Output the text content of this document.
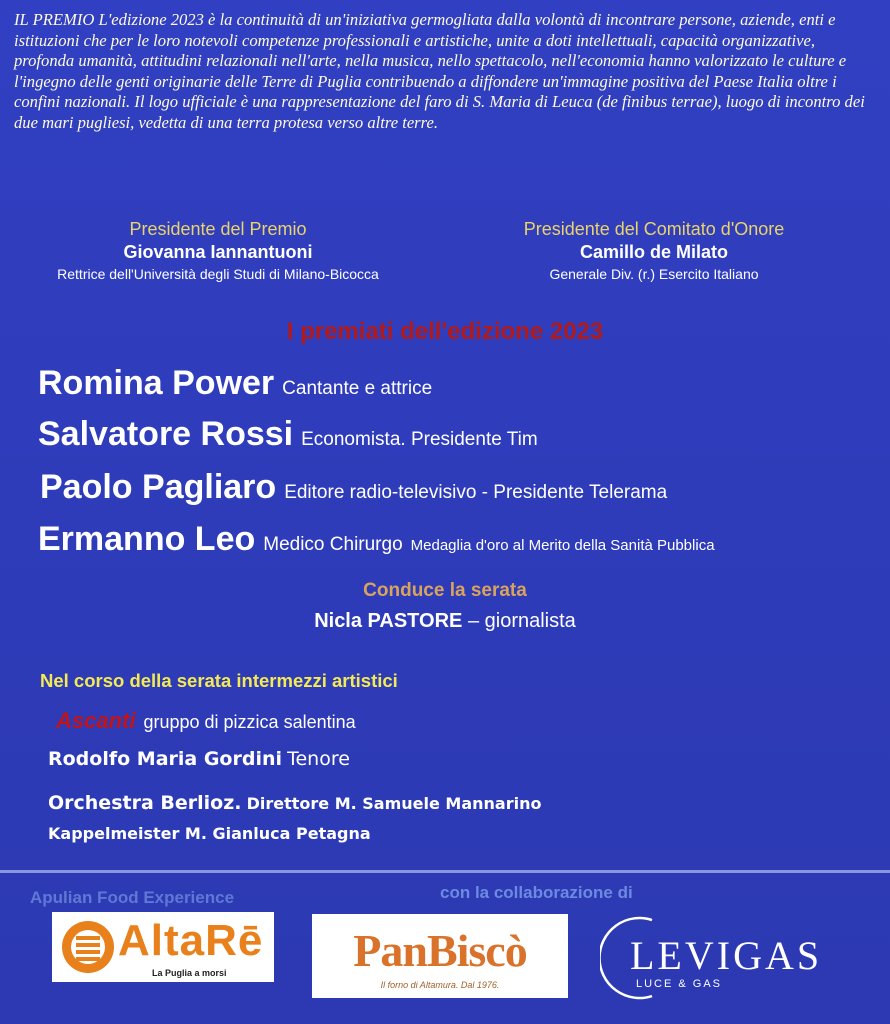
IL PREMIO L'edizione 2023 è la continuità di un'iniziativa germogliata dalla volontà di incontrare persone, aziende, enti e istituzioni che per le loro notevoli competenze professionali e artistiche, unite a doti intellettuali, capacità organizzative, profonda umanità, attitudini relazionali nell'arte, nella musica, nello spettacolo, nell'economia hanno valorizzato le culture e l'ingegno delle genti originarie delle Terre di Puglia contribuendo a diffondere un'immagine positiva del Paese Italia oltre i confini nazionali. Il logo ufficiale è una rappresentazione del faro di S. Maria di Leuca (de finibus terrae), luogo di incontro dei due mari pugliesi, vedetta di una terra protesa verso altre terre.
Presidente del Premio
Giovanna Iannantuoni
Rettrice dell'Università degli Studi di Milano-Bicocca
Presidente del Comitato d'Onore
Camillo de Milato
Generale Div. (r.) Esercito Italiano
I premiati dell'edizione 2023
Romina Power Cantante e attrice
Salvatore Rossi Economista. Presidente Tim
Paolo Pagliaro Editore radio-televisivo - Presidente Telerama
Ermanno Leo Medico Chirurgo Medaglia d'oro al Merito della Sanità Pubblica
Conduce la serata
Nicla PASTORE – giornalista
Nel corso della serata intermezzi artistici
Ascanti gruppo di pizzica salentina
Rodolfo Maria Gordini Tenore
Orchestra Berlioz. Direttore M. Samuele Mannarino
Kappelmeister M. Gianluca Petagna
Apulian Food Experience	con la collaborazione di
AltaRē
La Puglia a morsi	PanBiscò
Il forno di Altamura. Dal 1976.
LEVIGAS
LUCE & GAS
